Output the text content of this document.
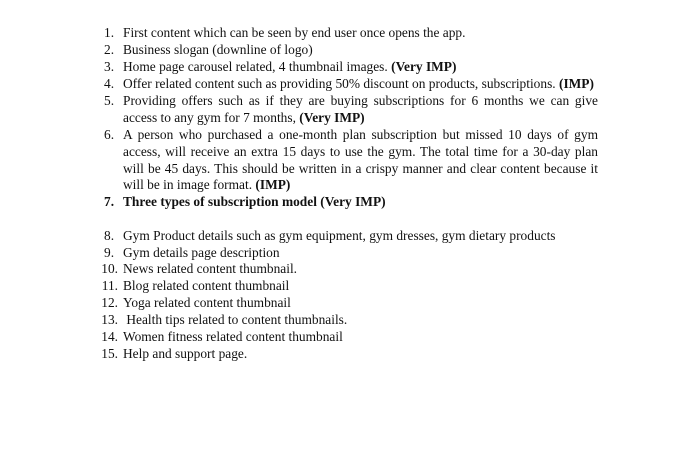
1. First content which can be seen by end user once opens the app.
2. Business slogan (downline of logo)
3. Home page carousel related, 4 thumbnail images. (Very IMP)
4. Offer related content such as providing 50% discount on products, subscriptions. (IMP)
5. Providing offers such as if they are buying subscriptions for 6 months we can give access to any gym for 7 months, (Very IMP)
6. A person who purchased a one-month plan subscription but missed 10 days of gym access, will receive an extra 15 days to use the gym. The total time for a 30-day plan will be 45 days. This should be written in a crispy manner and clear content because it will be in image format. (IMP)
7. Three types of subscription model (Very IMP)
8. Gym Product details such as gym equipment, gym dresses, gym dietary products
9. Gym details page description
10. News related content thumbnail.
11. Blog related content thumbnail
12. Yoga related content thumbnail
13. Health tips related to content thumbnails.
14. Women fitness related content thumbnail
15. Help and support page.
